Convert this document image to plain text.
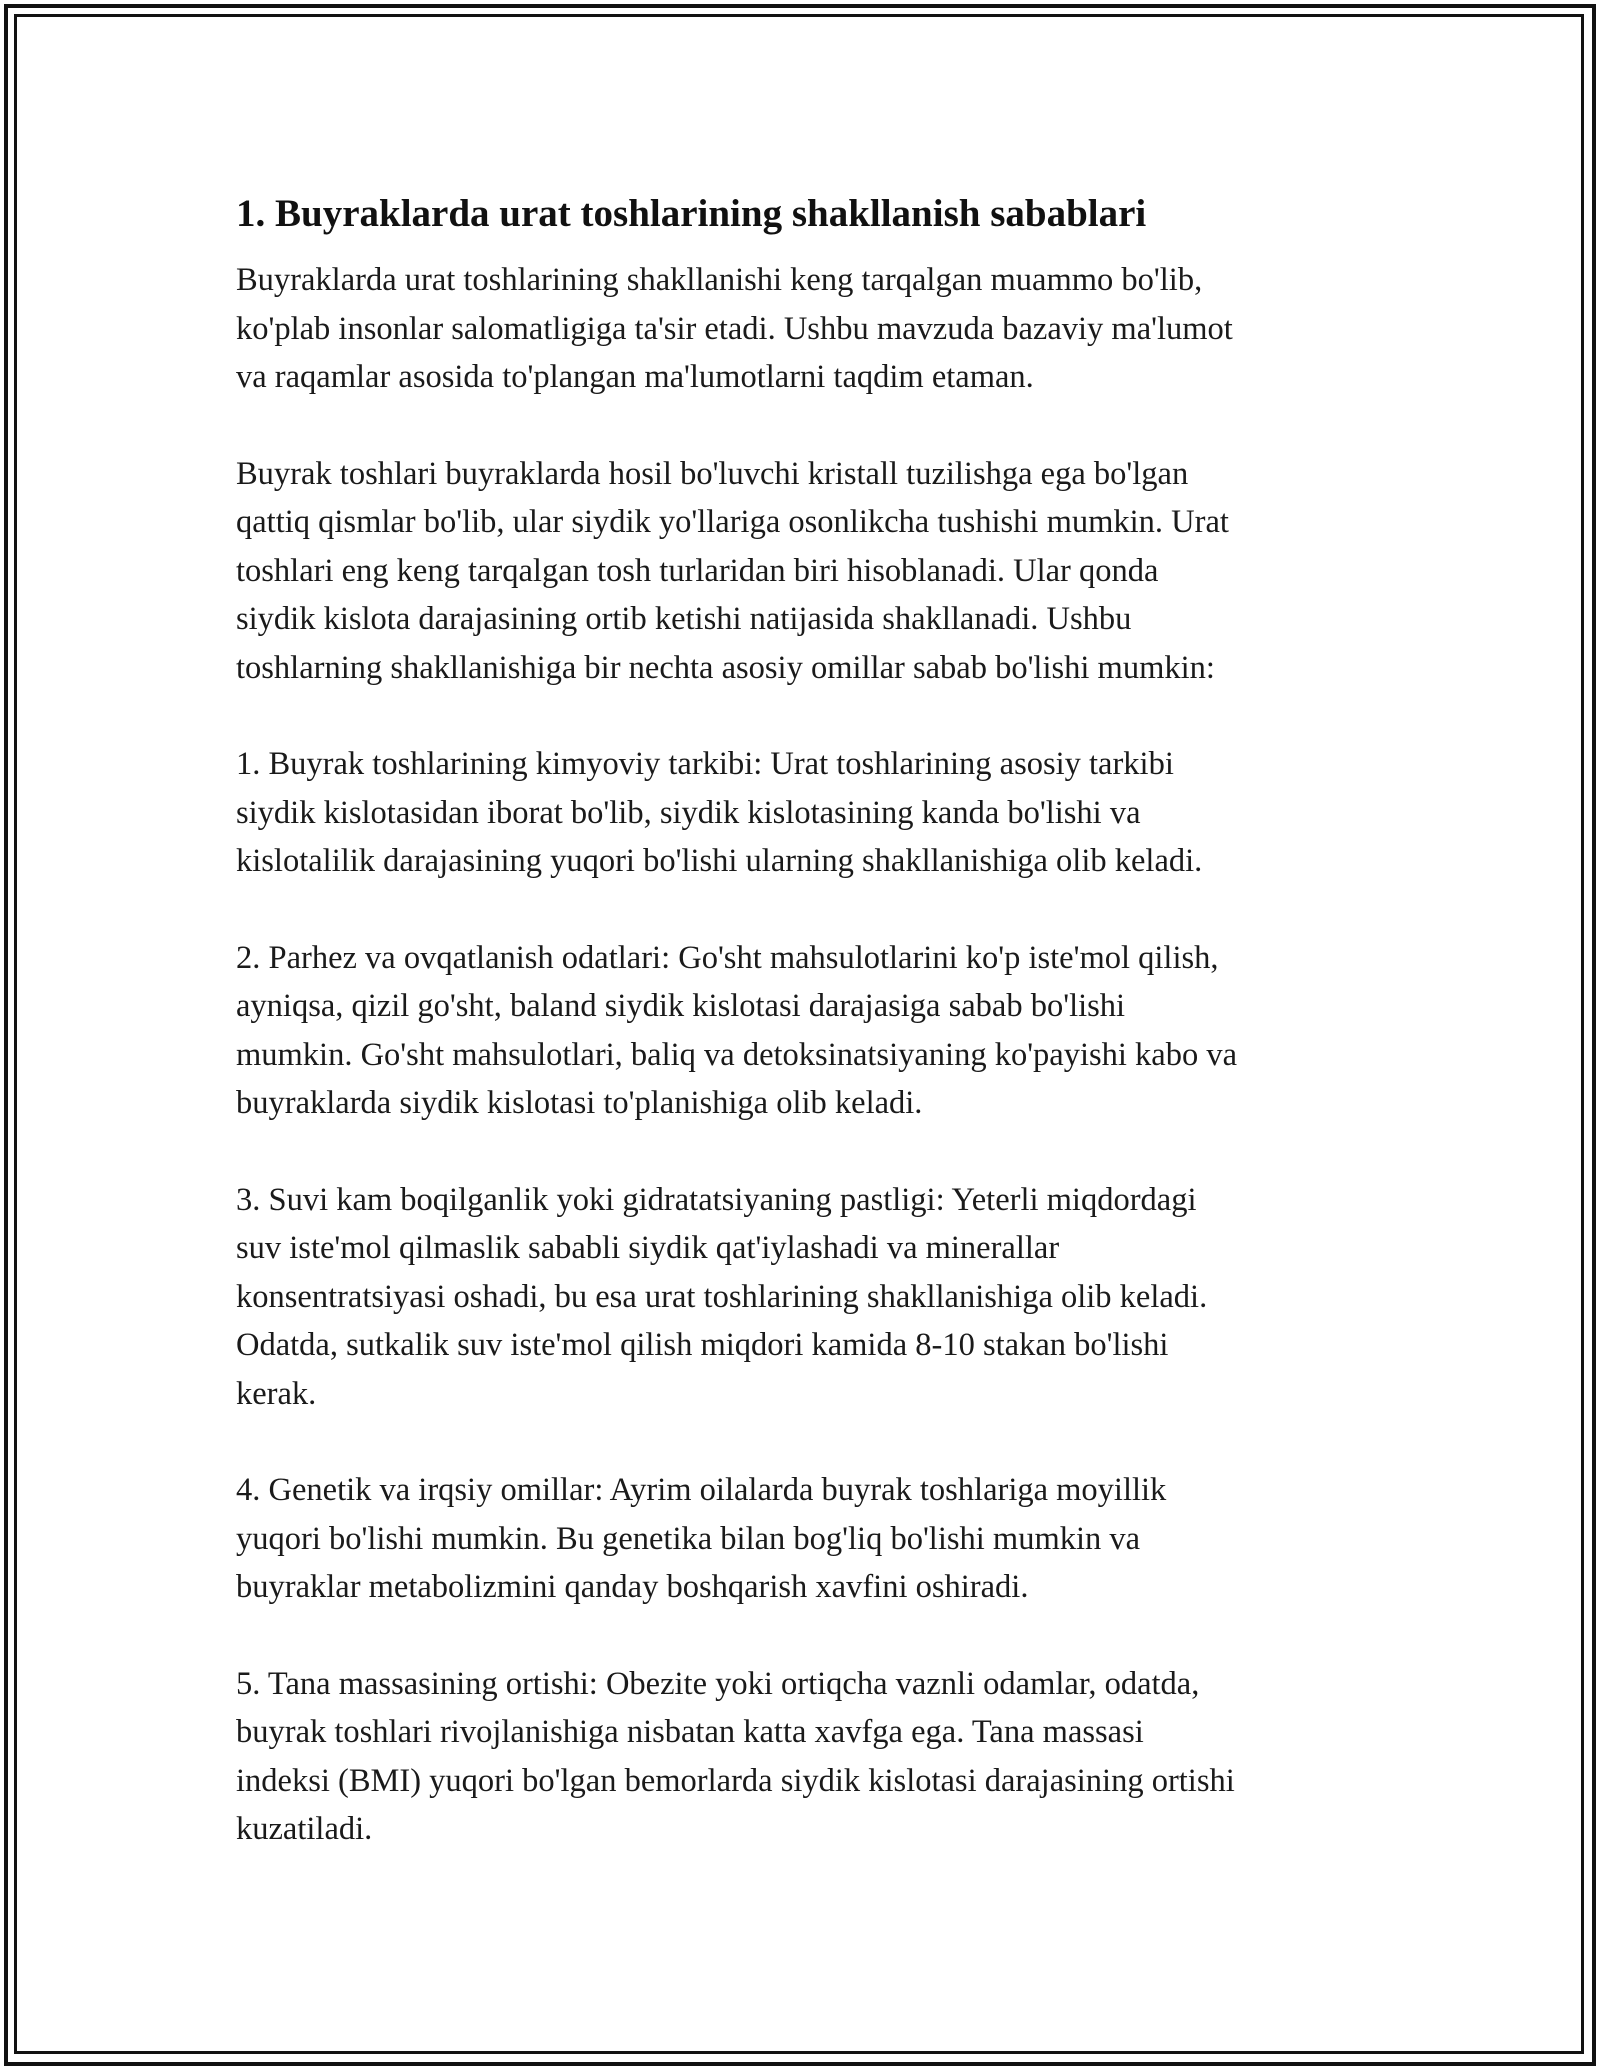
1. Buyraklarda urat toshlarining shakllanish sabablari

Buyraklarda urat toshlarining shakllanishi keng tarqalgan muammo bo'lib,
ko'plab insonlar salomatligiga ta'sir etadi. Ushbu mavzuda bazaviy ma'lumot
va raqamlar asosida to'plangan ma'lumotlarni taqdim etaman.

Buyrak toshlari buyraklarda hosil bo'luvchi kristall tuzilishga ega bo'lgan
qattiq qismlar bo'lib, ular siydik yo'llariga osonlikcha tushishi mumkin. Urat
toshlari eng keng tarqalgan tosh turlaridan biri hisoblanadi. Ular qonda
siydik kislota darajasining ortib ketishi natijasida shakllanadi. Ushbu
toshlarning shakllanishiga bir nechta asosiy omillar sabab bo'lishi mumkin:

1. Buyrak toshlarining kimyoviy tarkibi: Urat toshlarining asosiy tarkibi
siydik kislotasidan iborat bo'lib, siydik kislotasining kanda bo'lishi va
kislotalilik darajasining yuqori bo'lishi ularning shakllanishiga olib keladi.

2. Parhez va ovqatlanish odatlari: Go'sht mahsulotlarini ko'p iste'mol qilish,
ayniqsa, qizil go'sht, baland siydik kislotasi darajasiga sabab bo'lishi
mumkin. Go'sht mahsulotlari, baliq va detoksinatsiyaning ko'payishi kabo va
buyraklarda siydik kislotasi to'planishiga olib keladi.

3. Suvi kam boqilganlik yoki gidratatsiyaning pastligi: Yeterli miqdordagi
suv iste'mol qilmaslik sababli siydik qat'iylashadi va minerallar
konsentratsiyasi oshadi, bu esa urat toshlarining shakllanishiga olib keladi.
Odatda, sutkalik suv iste'mol qilish miqdori kamida 8-10 stakan bo'lishi
kerak.

4. Genetik va irqsiy omillar: Ayrim oilalarda buyrak toshlariga moyillik
yuqori bo'lishi mumkin. Bu genetika bilan bog'liq bo'lishi mumkin va
buyraklar metabolizmini qanday boshqarish xavfini oshiradi.

5. Tana massasining ortishi: Obezite yoki ortiqcha vaznli odamlar, odatda,
buyrak toshlari rivojlanishiga nisbatan katta xavfga ega. Tana massasi
indeksi (BMI) yuqori bo'lgan bemorlarda siydik kislotasi darajasining ortishi
kuzatiladi.
